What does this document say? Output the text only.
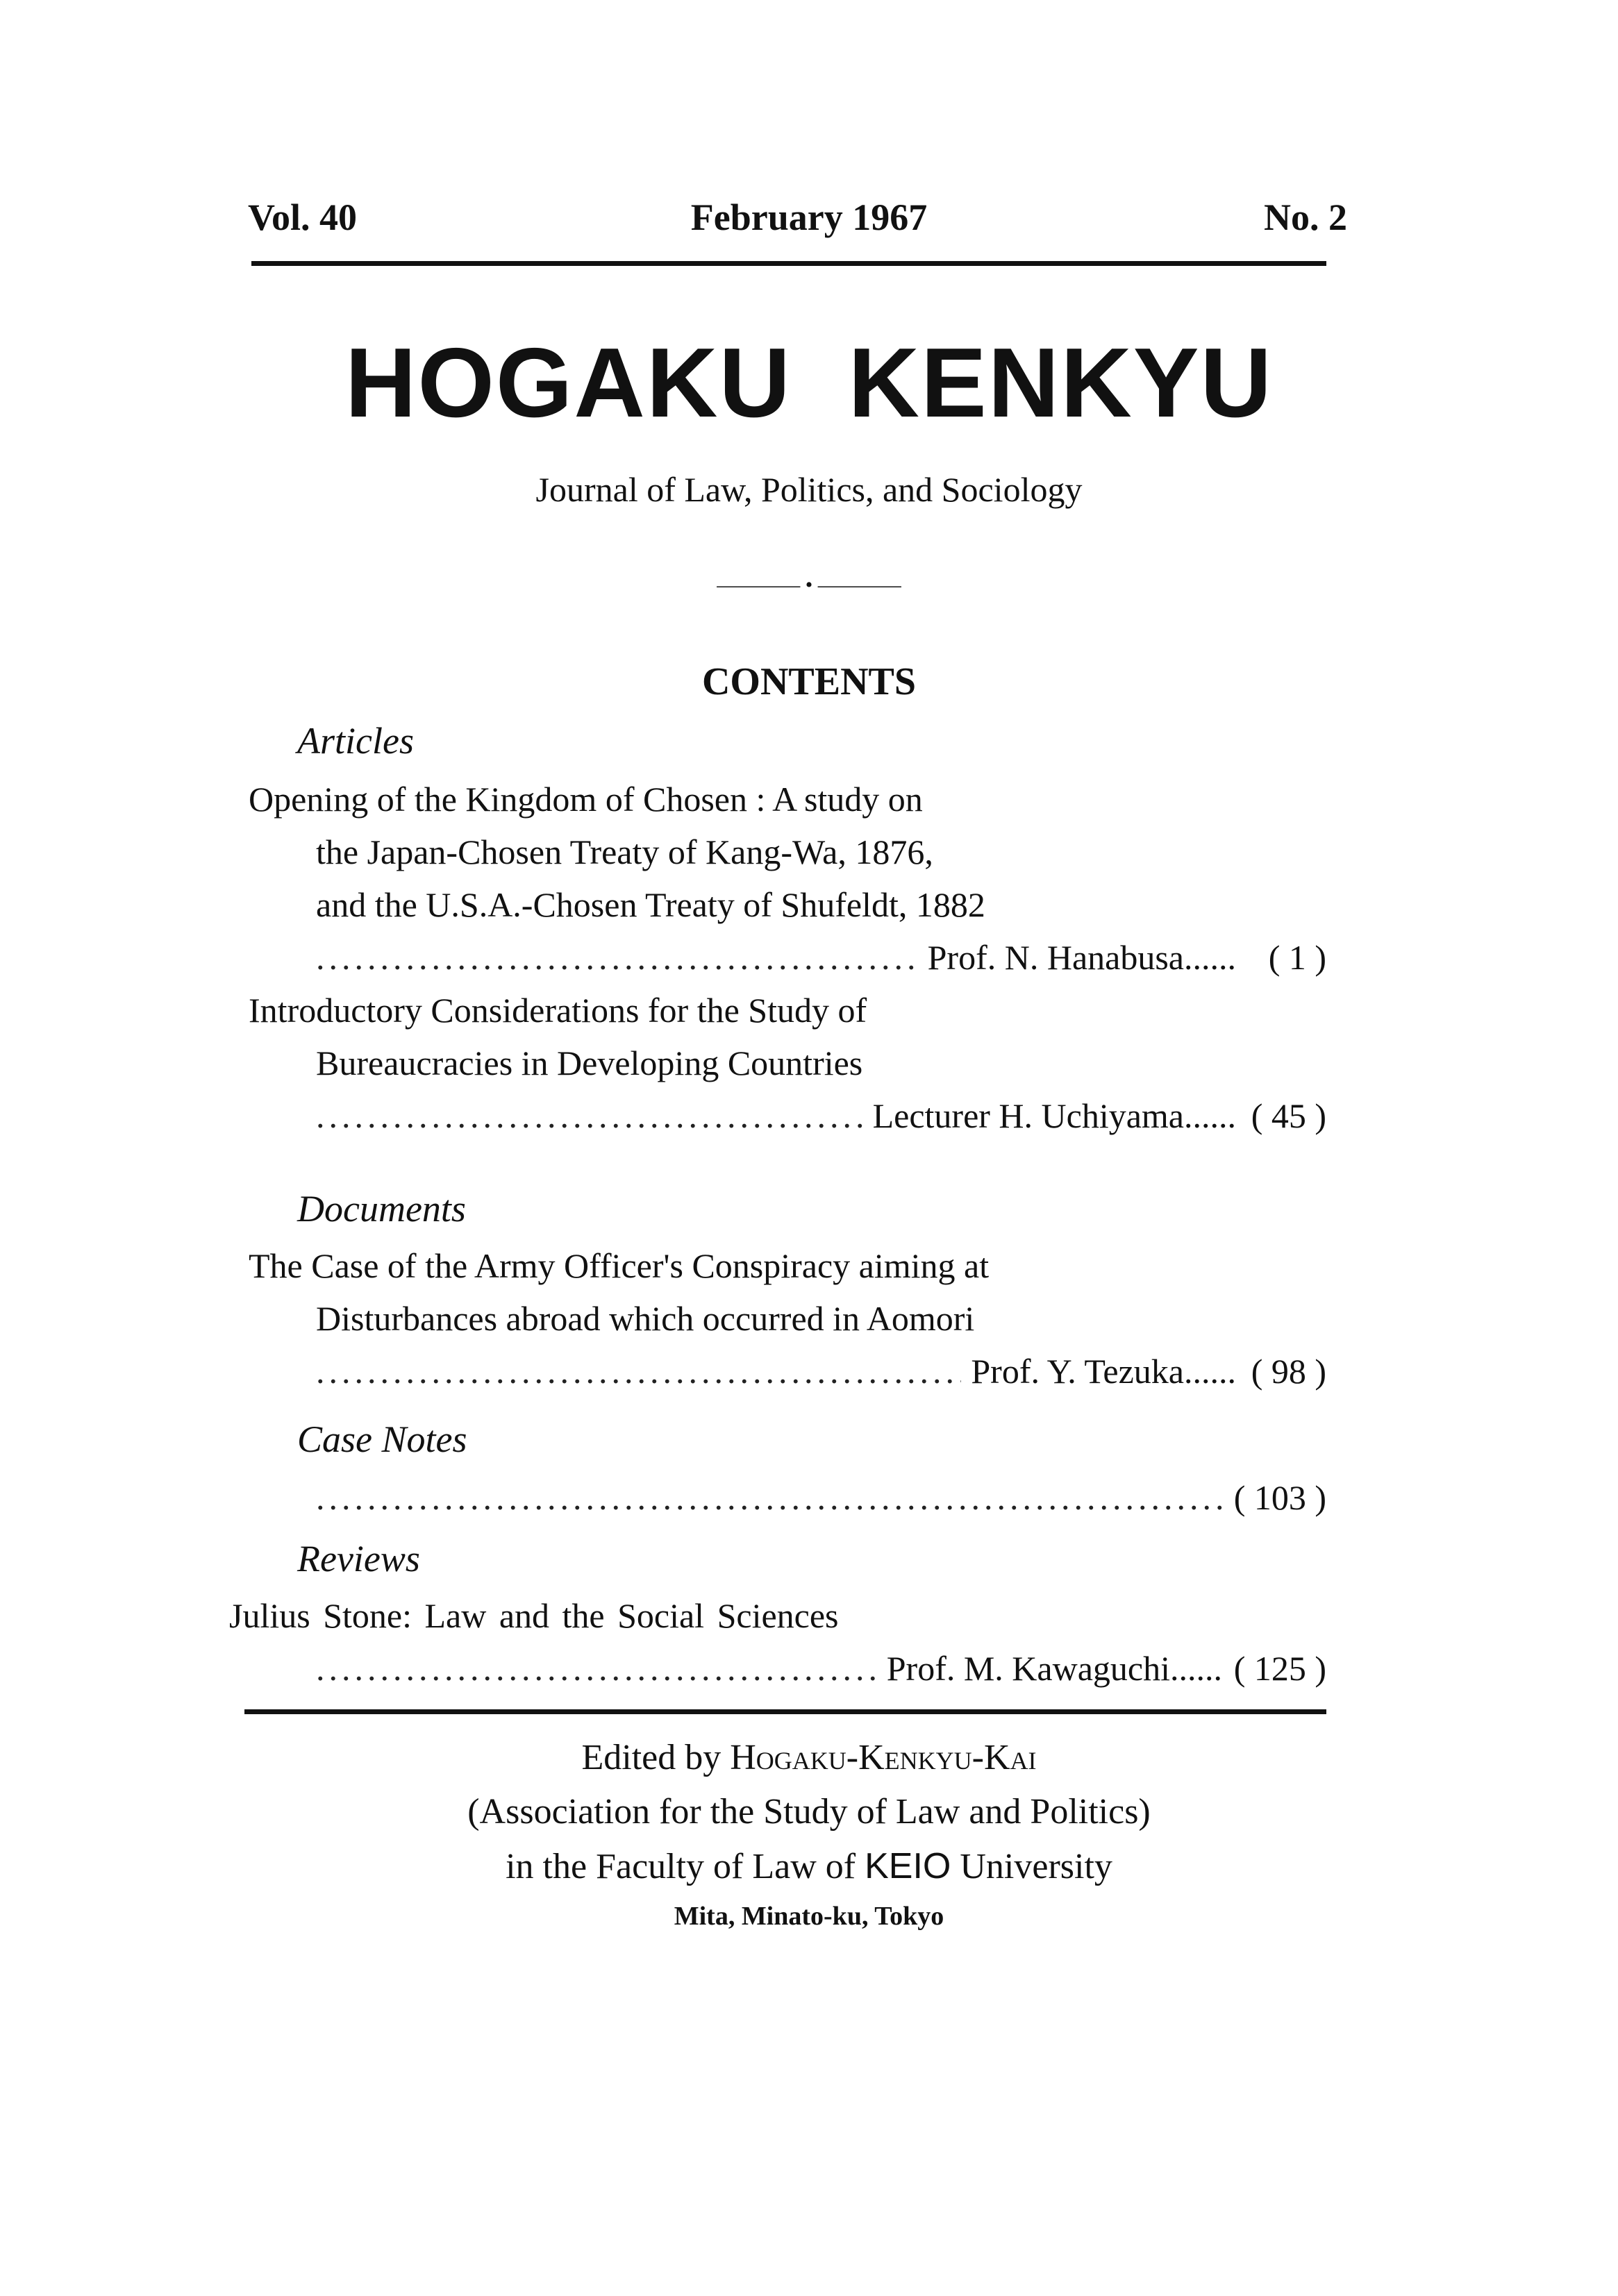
Vol. 40	February 1967	No. 2

HOGAKU KENKYU

Journal of Law, Politics, and Sociology

———— • ————

CONTENTS

Articles

Opening of the Kingdom of Chosen : A study on

the Japan-Chosen Treaty of Kang-Wa, 1876,

and the U.S.A.-Chosen Treaty of Shufeldt, 1882

.....
Prof. N. Hanabusa...... ( 1 )

Introductory Considerations for the Study of

Bureaucracies in Developing Countries

.....
Lecturer H. Uchiyama...... ( 45 )

Documents

The Case of the Army Officer's Conspiracy aiming at

Disturbances abroad which occurred in Aomori

.....
Prof. Y. Tezuka...... ( 98 )

Case Notes

.....
( 103 )

Reviews

Julius Stone: Law and the Social Sciences

.....
Prof. M. Kawaguchi...... ( 125 )

Edited by Hogaku-Kenkyu-Kai

(Association for the Study of Law and Politics)

in the Faculty of Law of KEIO University

Mita, Minato-ku, Tokyo
